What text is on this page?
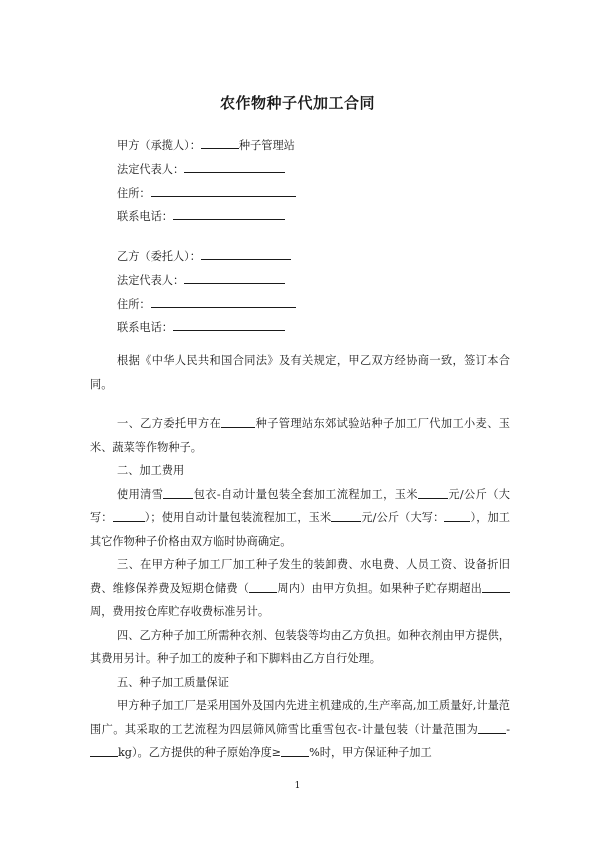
农作物种子代加工合同
甲方（承揽人）：	种子管理站
法定代表人：
住所：
联系电话：
乙方（委托人）：
法定代表人：
住所：
联系电话：

根据《中华人民共和国合同法》及有关规定，甲乙双方经协商一致，签订本合同。

一、乙方委托甲方在	种子管理站东郊试验站种子加工厂代加工小麦、玉米、蔬菜等作物种子。

二、加工费用

使用清雪	包衣-自动计量包装全套加工流程加工，玉米	元/公斤（大写：	）；使用自动计量包装流程加工，玉米	元/公斤（大写： ），加工其它作物种子价格由双方临时协商确定。

三、在甲方种子加工厂加工种子发生的装卸费、水电费、人员工资、设备折旧费、维修保养费及短期仓储费（	周内）由甲方负担。如果种子贮存期超出周，费用按仓库贮存收费标准另计。

四、乙方种子加工所需种衣剂、包装袋等均由乙方负担。如种衣剂由甲方提供，其费用另计。种子加工的废种子和下脚料由乙方自行处理。

五、种子加工质量保证

甲方种子加工厂是采用国外及国内先进主机建成的,生产率高,加工质量好,计量范围广。其采取的工艺流程为四层筛风筛雪比重雪包衣-计量包装（计量范围为	-kg）。乙方提供的种子原始净度≥	%时，甲方保证种子加工

1
